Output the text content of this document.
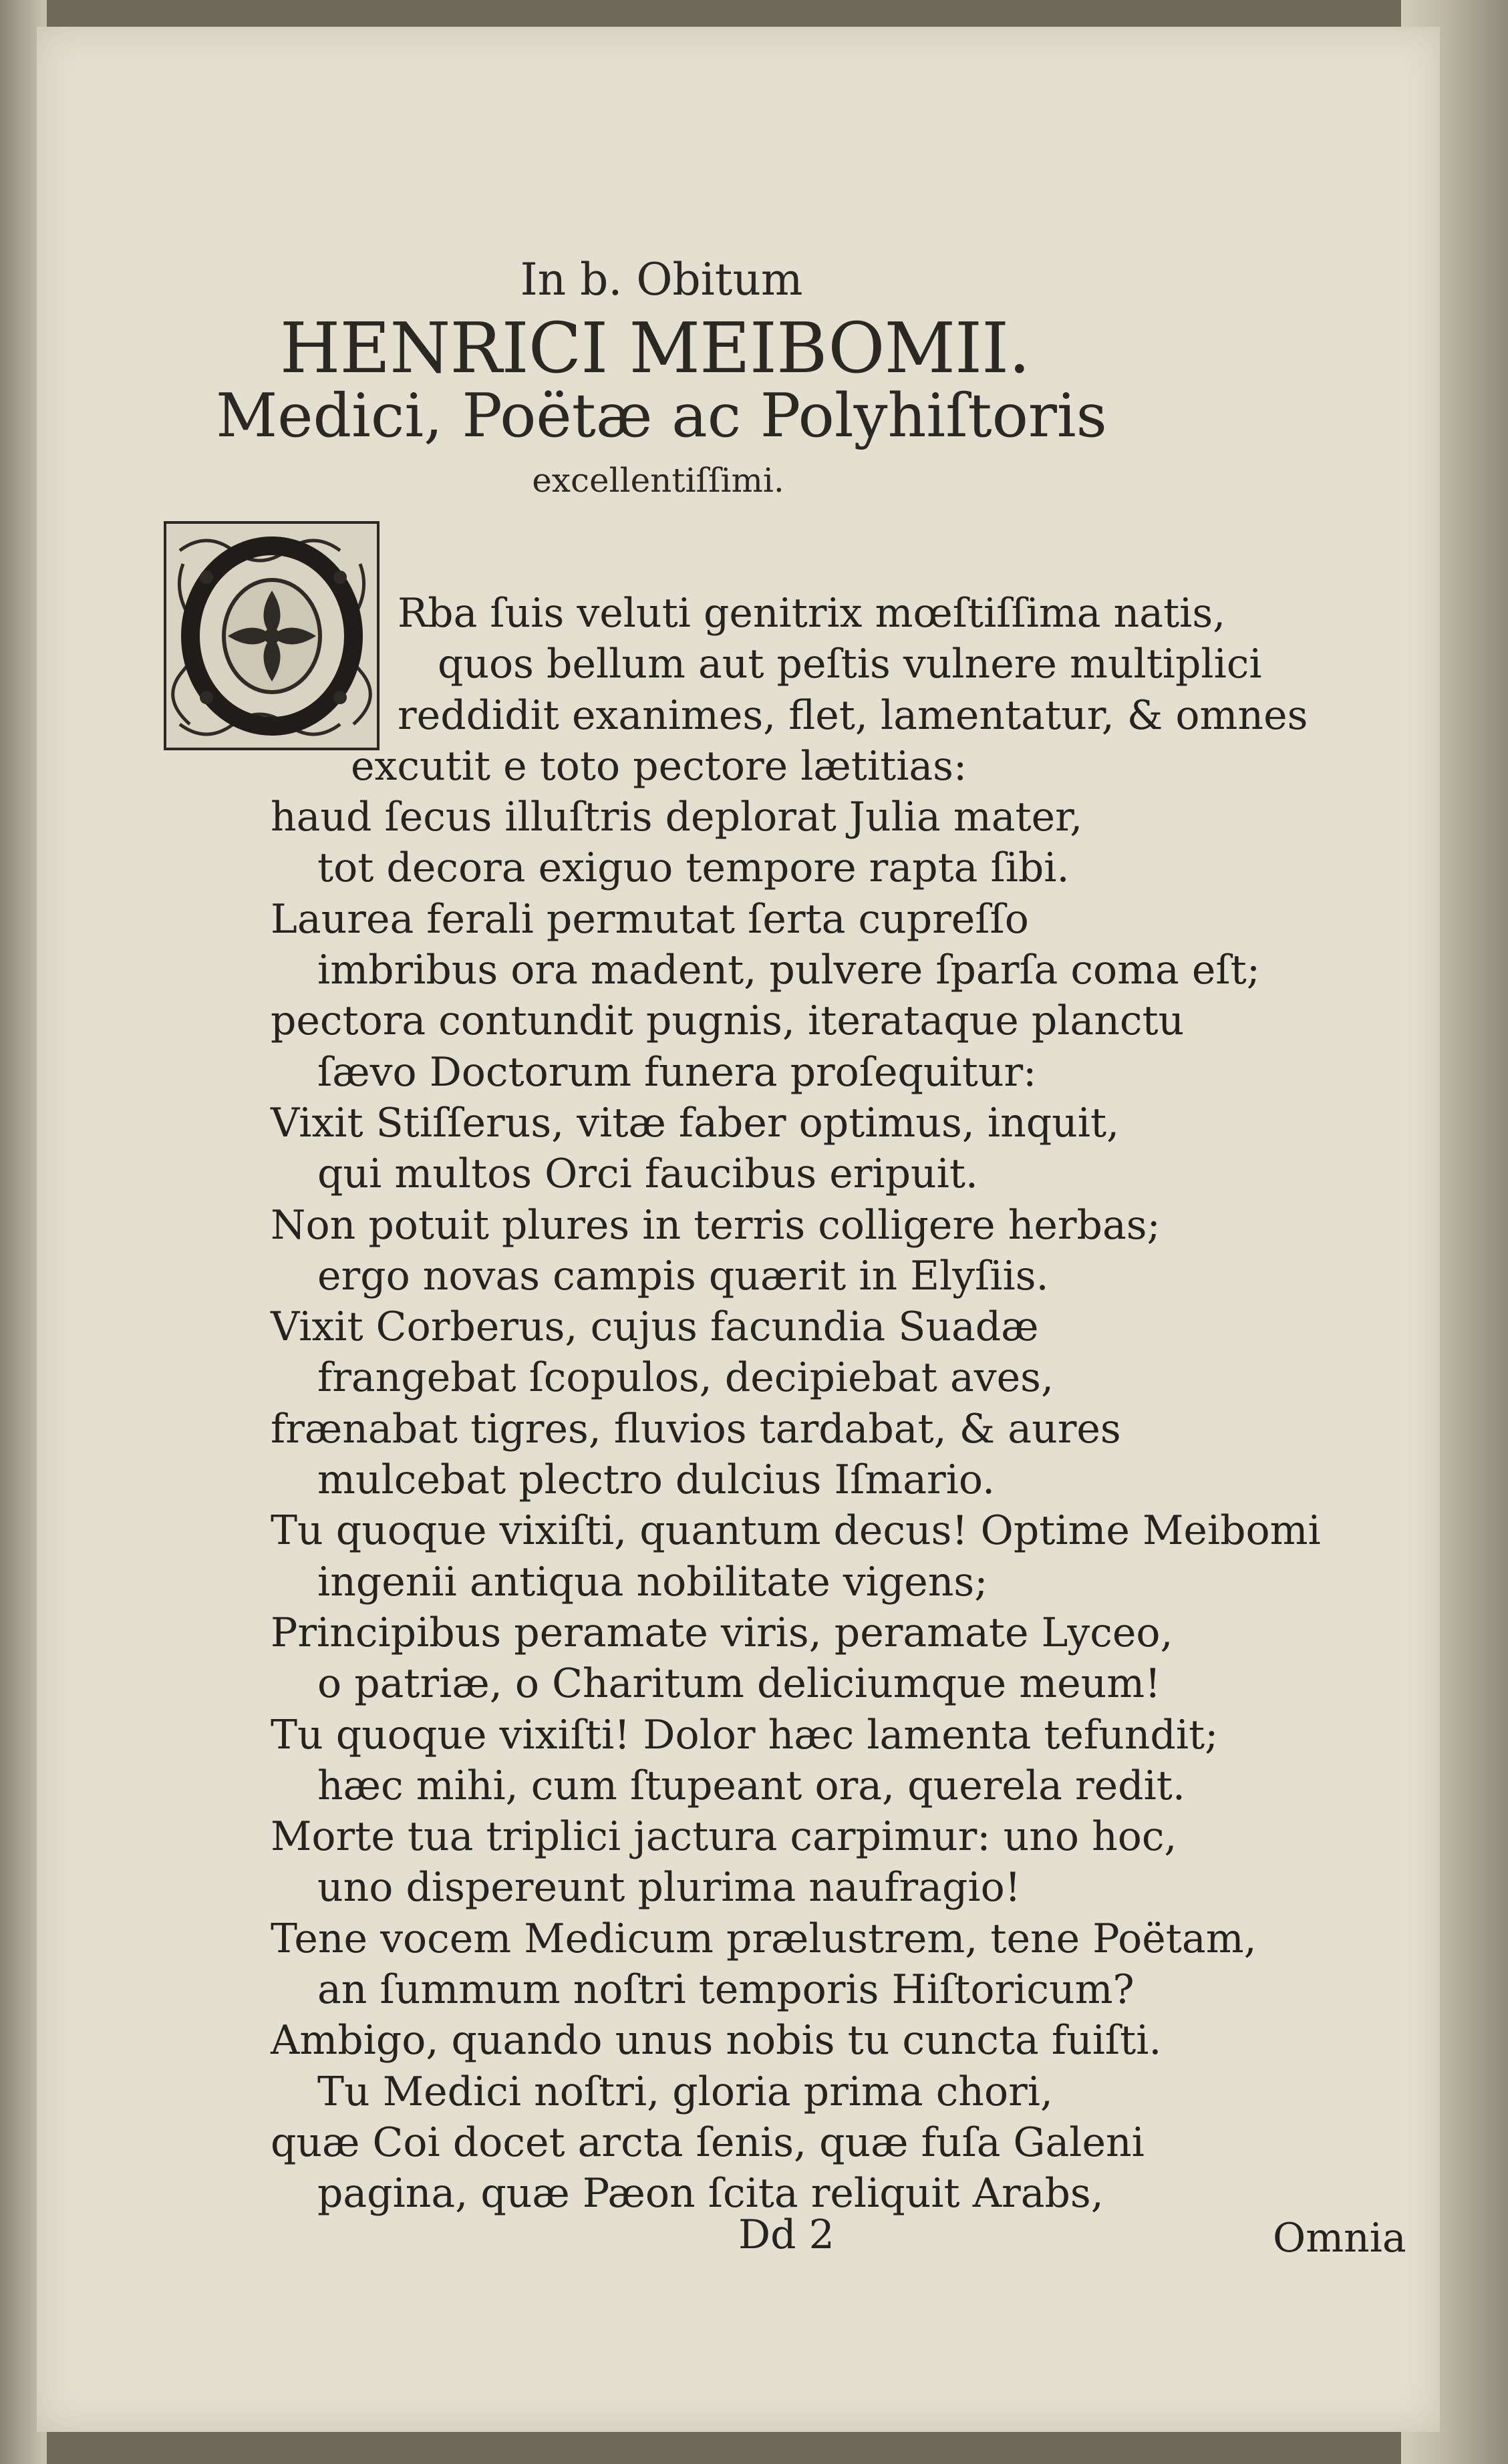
In b. Obitum
HENRICI MEIBOMII.
Medici, Poëtæ ac Polyhiſtoris
excellentiſſimi.
Rba ſuis veluti genitrix mœſtiſſima natis,
quos bellum aut peſtis vulnere multiplici
reddidit exanimes, flet, lamentatur, & omnes
excutit e toto pectore lætitias:
haud ſecus illuſtris deplorat Julia mater,
tot decora exiguo tempore rapta ſibi.
Laurea ferali permutat ſerta cupreſſo
imbribus ora madent, pulvere ſparſa coma eſt;
pectora contundit pugnis, iterataque planctu
ſævo Doctorum funera proſequitur:
Vixit Stiſſerus, vitæ faber optimus, inquit,
qui multos Orci faucibus eripuit.
Non potuit plures in terris colligere herbas;
ergo novas campis quærit in Elyſiis.
Vixit Corberus, cujus facundia Suadæ
frangebat ſcopulos, decipiebat aves,
frænabat tigres, fluvios tardabat, & aures
mulcebat plectro dulcius Iſmario.
Tu quoque vixiſti, quantum decus! Optime Meibomi
ingenii antiqua nobilitate vigens;
Principibus peramate viris, peramate Lyceo,
o patriæ, o Charitum deliciumque meum!
Tu quoque vixiſti! Dolor hæc lamenta tefundit;
hæc mihi, cum ſtupeant ora, querela redit.
Morte tua triplici jactura carpimur: uno hoc,
uno dispereunt plurima naufragio!
Tene vocem Medicum prælustrem, tene Poëtam,
an ſummum noſtri temporis Hiſtoricum?
Ambigo, quando unus nobis tu cuncta fuiſti.
Tu Medici noſtri, gloria prima chori,
quæ Coi docet arcta ſenis, quæ fuſa Galeni
pagina, quæ Pæon ſcita reliquit Arabs,
Dd 2	Omnia
